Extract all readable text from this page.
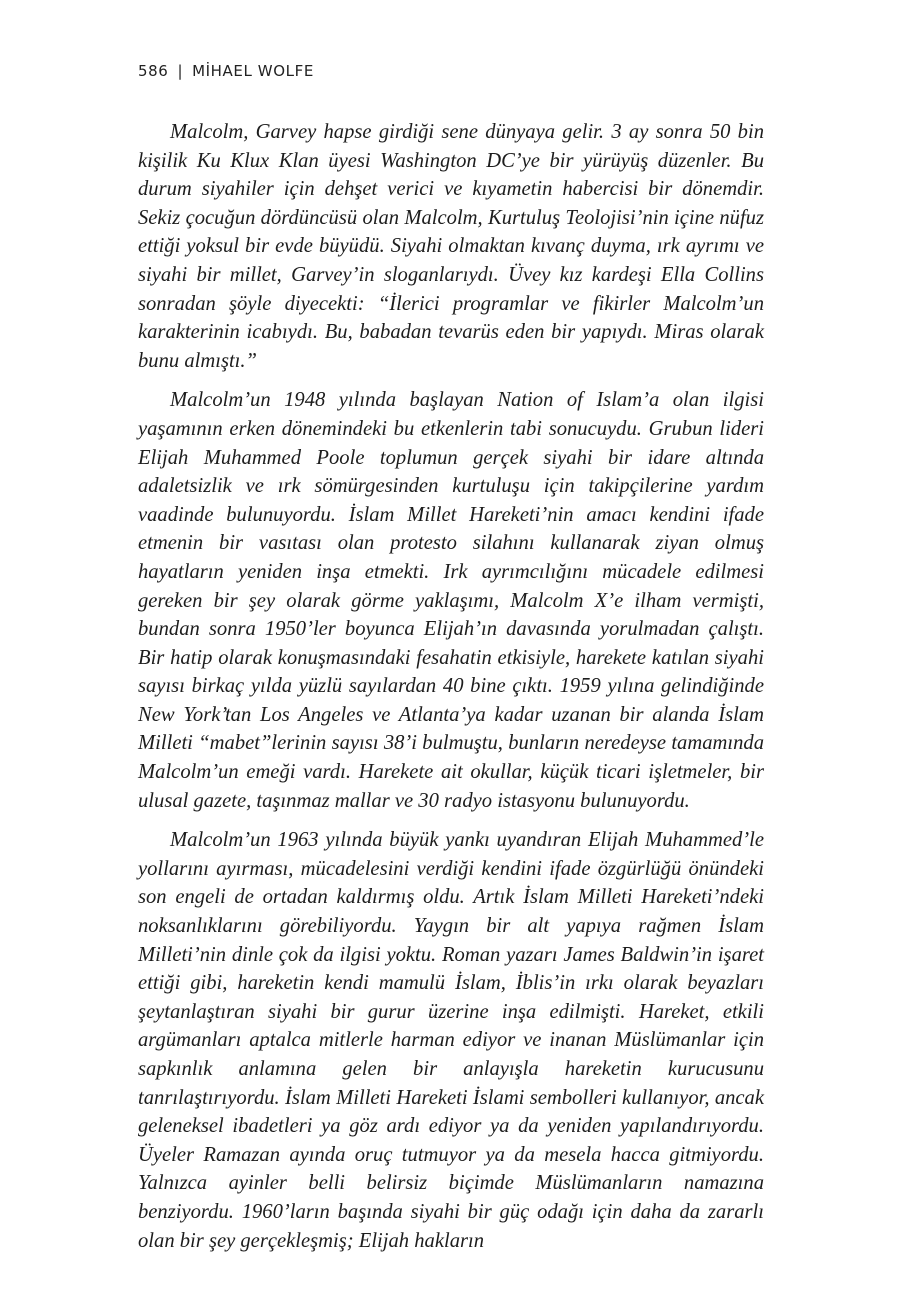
586 | MİHAEL WOLFE

Malcolm, Garvey hapse girdiği sene dünyaya gelir. 3 ay sonra 50 bin kişilik Ku Klux Klan üyesi Washington DC’ye bir yürüyüş düzenler. Bu durum siyahiler için dehşet verici ve kıyametin habercisi bir dönemdir. Sekiz çocuğun dördüncüsü olan Malcolm, Kurtuluş Teolojisi’nin içine nüfuz ettiği yoksul bir evde büyüdü. Siyahi olmaktan kıvanç duyma, ırk ayrımı ve siyahi bir millet, Garvey’in sloganlarıydı. Üvey kız kardeşi Ella Collins sonradan şöyle diyecekti: “İlerici programlar ve fikirler Malcolm’un karakterinin icabıydı. Bu, babadan tevarüs eden bir yapıydı. Miras olarak bunu almıştı.”

Malcolm’un 1948 yılında başlayan Nation of Islam’a olan ilgisi yaşamının erken dönemindeki bu etkenlerin tabi sonucuydu. Grubun lideri Elijah Muhammed Poole toplumun gerçek siyahi bir idare altında adaletsizlik ve ırk sömürgesinden kurtuluşu için takipçilerine yardım vaadinde bulunuyordu. İslam Millet Hareketi’nin amacı kendini ifade etmenin bir vasıtası olan protesto silahını kullanarak ziyan olmuş hayatların yeniden inşa etmekti. Irk ayrımcılığını mücadele edilmesi gereken bir şey olarak görme yaklaşımı, Malcolm X’e ilham vermişti, bundan sonra 1950’ler boyunca Elijah’ın davasında yorulmadan çalıştı. Bir hatip olarak konuşmasındaki fesahatin etkisiyle, harekete katılan siyahi sayısı birkaç yılda yüzlü sayılardan 40 bine çıktı. 1959 yılına gelindiğinde New York’tan Los Angeles ve Atlanta’ya kadar uzanan bir alanda İslam Milleti “mabet”lerinin sayısı 38’i bulmuştu, bunların neredeyse tamamında Malcolm’un emeği vardı. Harekete ait okullar, küçük ticari işletmeler, bir ulusal gazete, taşınmaz mallar ve 30 radyo istasyonu bulunuyordu.

Malcolm’un 1963 yılında büyük yankı uyandıran Elijah Muhammed’le yollarını ayırması, mücadelesini verdiği kendini ifade özgürlüğü önündeki son engeli de ortadan kaldırmış oldu. Artık İslam Milleti Hareketi’ndeki noksanlıklarını görebiliyordu. Yaygın bir alt yapıya rağmen İslam Milleti’nin dinle çok da ilgisi yoktu. Roman yazarı James Baldwin’in işaret ettiği gibi, hareketin kendi mamulü İslam, İblis’in ırkı olarak beyazları şeytanlaştıran siyahi bir gurur üzerine inşa edilmişti. Hareket, etkili argümanları aptalca mitlerle harman ediyor ve inanan Müslümanlar için sapkınlık anlamına gelen bir anlayışla hareketin kurucusunu tanrılaştırıyordu. İslam Milleti Hareketi İslami sembolleri kullanıyor, ancak geleneksel ibadetleri ya göz ardı ediyor ya da yeniden yapılandırıyordu. Üyeler Ramazan ayında oruç tutmuyor ya da mesela hacca gitmiyordu. Yalnızca ayinler belli belirsiz biçimde Müslümanların namazına benziyordu. 1960’ların başında siyahi bir güç odağı için daha da zararlı olan bir şey gerçekleşmiş; Elijah hakların
